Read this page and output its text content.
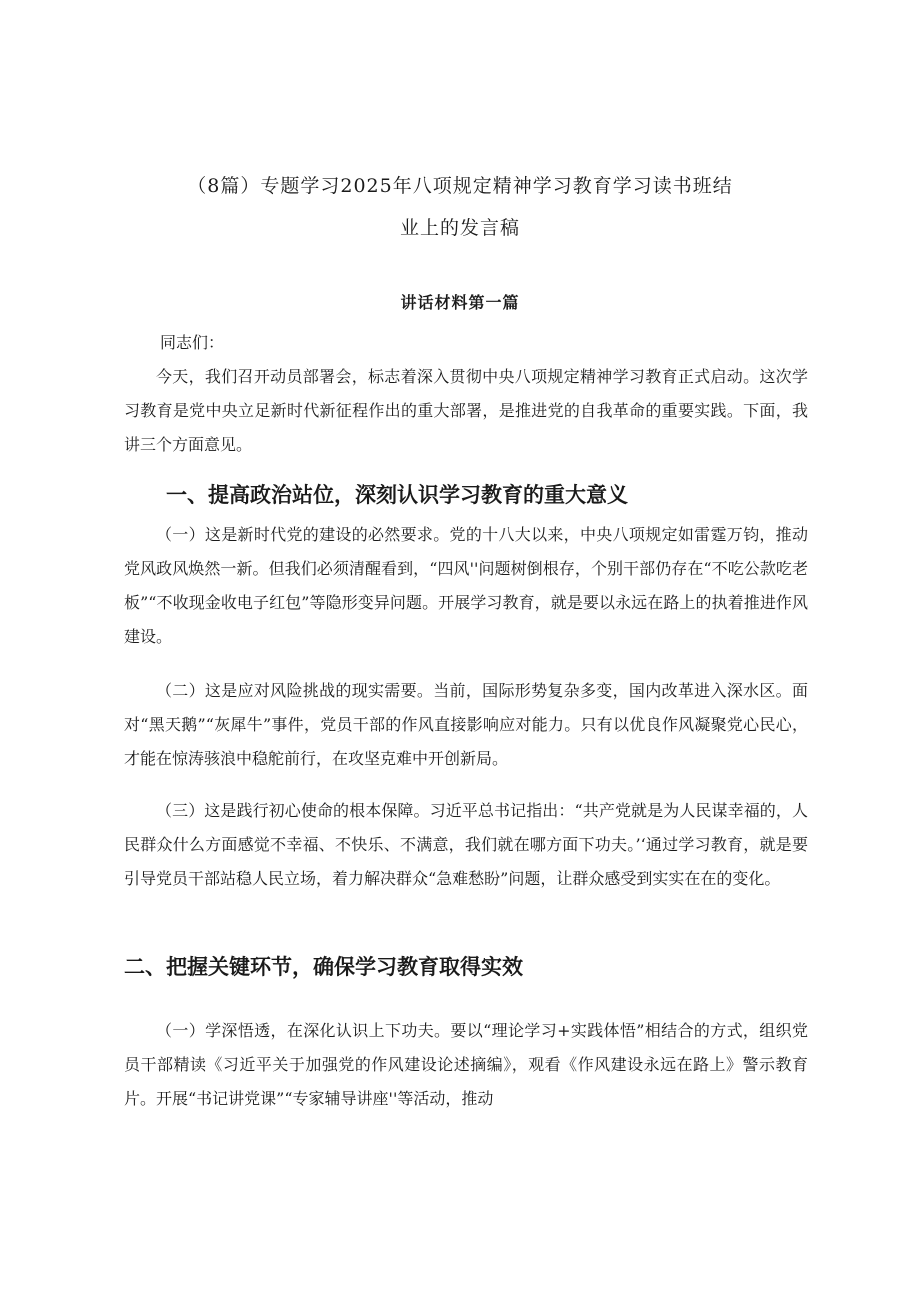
（8篇）专题学习2025年八项规定精神学习教育学习读书班结
业上的发言稿
讲话材料第一篇

同志们：

今天，我们召开动员部署会，标志着深入贯彻中央八项规定精神学习教育正式启动。这次学习教育是党中央立足新时代新征程作出的重大部署，是推进党的自我革命的重要实践。下面，我讲三个方面意见。

一、提高政治站位，深刻认识学习教育的重大意义

（一）这是新时代党的建设的必然要求。党的十八大以来，中央八项规定如雷霆万钧，推动党风政风焕然一新。但我们必须清醒看到，“四风''问题树倒根存，个别干部仍存在“不吃公款吃老板”“不收现金收电子红包”等隐形变异问题。开展学习教育，就是要以永远在路上的执着推进作风建设。

（二）这是应对风险挑战的现实需要。当前，国际形势复杂多变，国内改革进入深水区。面对“黑天鹅”“灰犀牛”事件，党员干部的作风直接影响应对能力。只有以优良作风凝聚党心民心，才能在惊涛骇浪中稳舵前行，在攻坚克难中开创新局。

（三）这是践行初心使命的根本保障。习近平总书记指出：“共产党就是为人民谋幸福的，人民群众什么方面感觉不幸福、不快乐、不满意，我们就在哪方面下功夫。’‘通过学习教育，就是要引导党员干部站稳人民立场，着力解决群众“急难愁盼”问题，让群众感受到实实在在的变化。

二、把握关键环节，确保学习教育取得实效

（一）学深悟透，在深化认识上下功夫。要以“理论学习+实践体悟”相结合的方式，组织党员干部精读《习近平关于加强党的作风建设论述摘编》，观看《作风建设永远在路上》警示教育片。开展“书记讲党课”“专家辅导讲座''等活动，推动
